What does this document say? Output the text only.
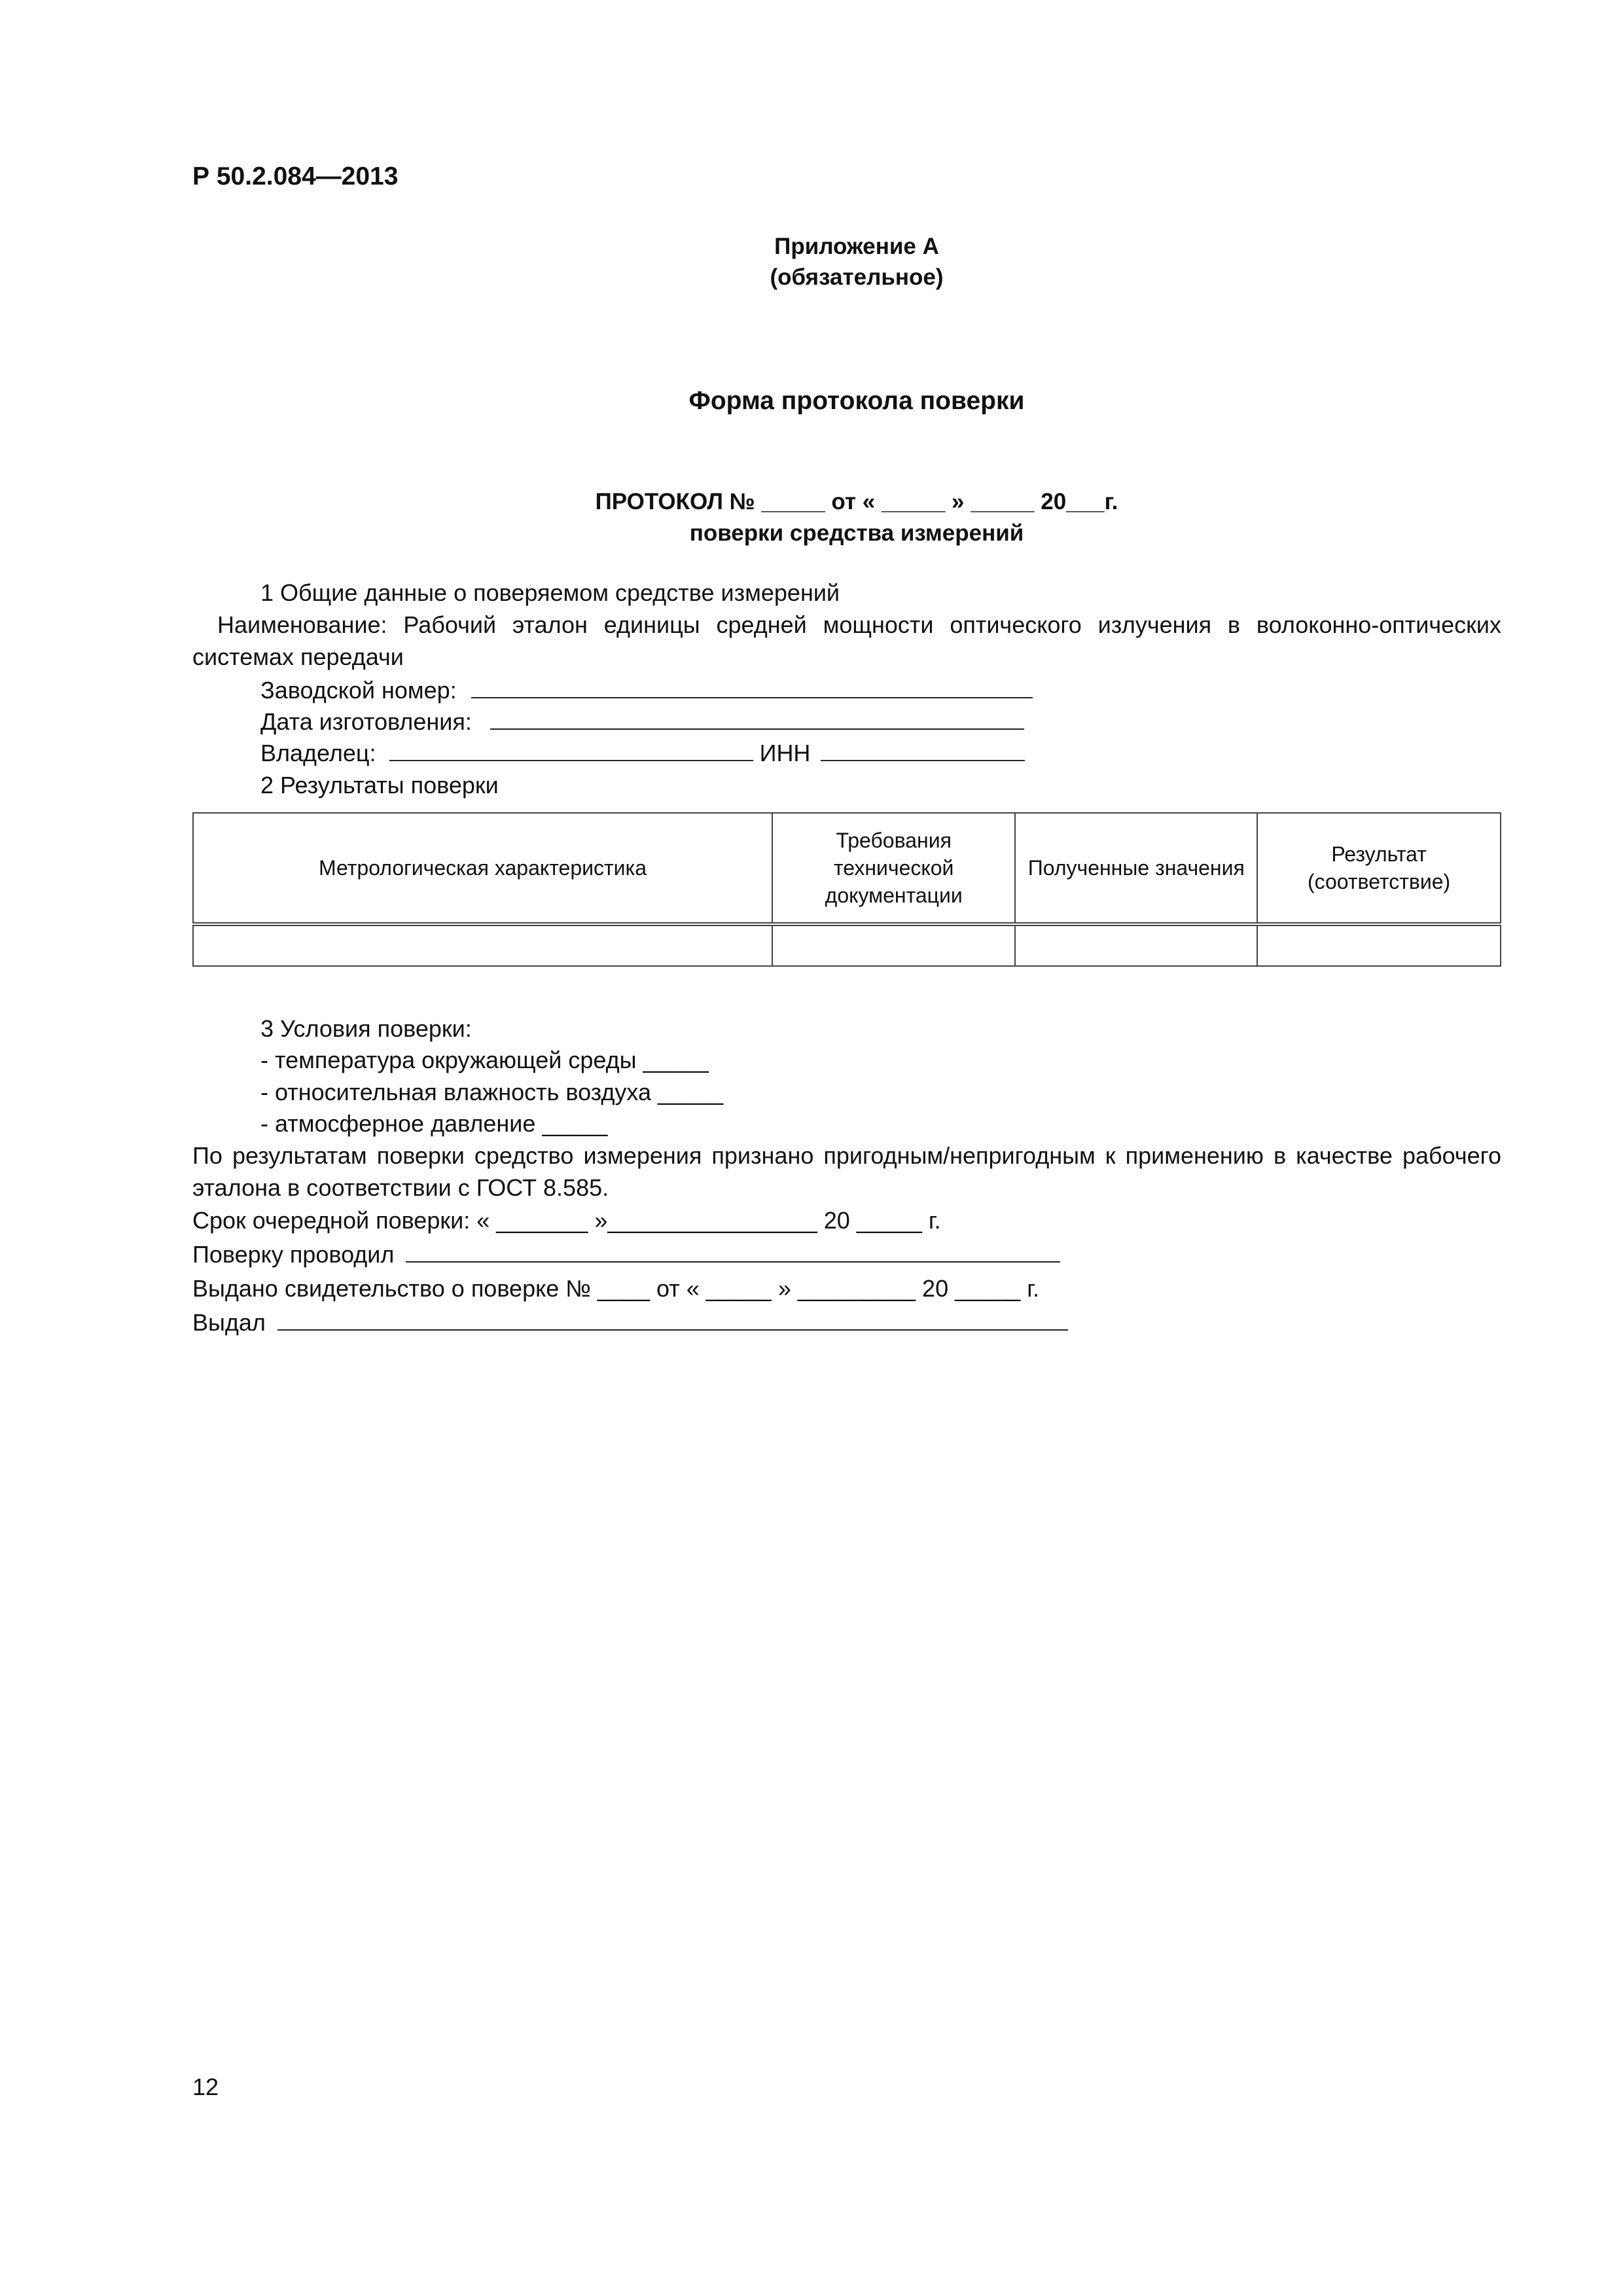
Р 50.2.084—2013
Приложение А
(обязательное)
Форма протокола поверки
ПРОТОКОЛ № _____ от « _____ » _____ 20___г.
поверки средства измерений
1 Общие данные о поверяемом средстве измерений
Наименование: Рабочий эталон единицы средней мощности оптического излучения в волоконно-оптических системах передачи
Заводской номер:
Дата изготовления:
Владелец:	ИНН
2 Результаты поверки
Метрологическая характеристика	Требования технической документации	Полученные значения	Результат (соответствие)

3 Условия поверки:
- температура окружающей среды _____
- относительная влажность воздуха _____
- атмосферное давление _____
По результатам поверки средство измерения признано пригодным/непригодным к применению в качестве рабочего эталона в соответствии с ГОСТ 8.585.
Срок очередной поверки: « _______ »________________ 20 _____ г.
Поверку проводил
Выдано свидетельство о поверке № ____ от « _____ » _________ 20 _____ г.
Выдал
12
